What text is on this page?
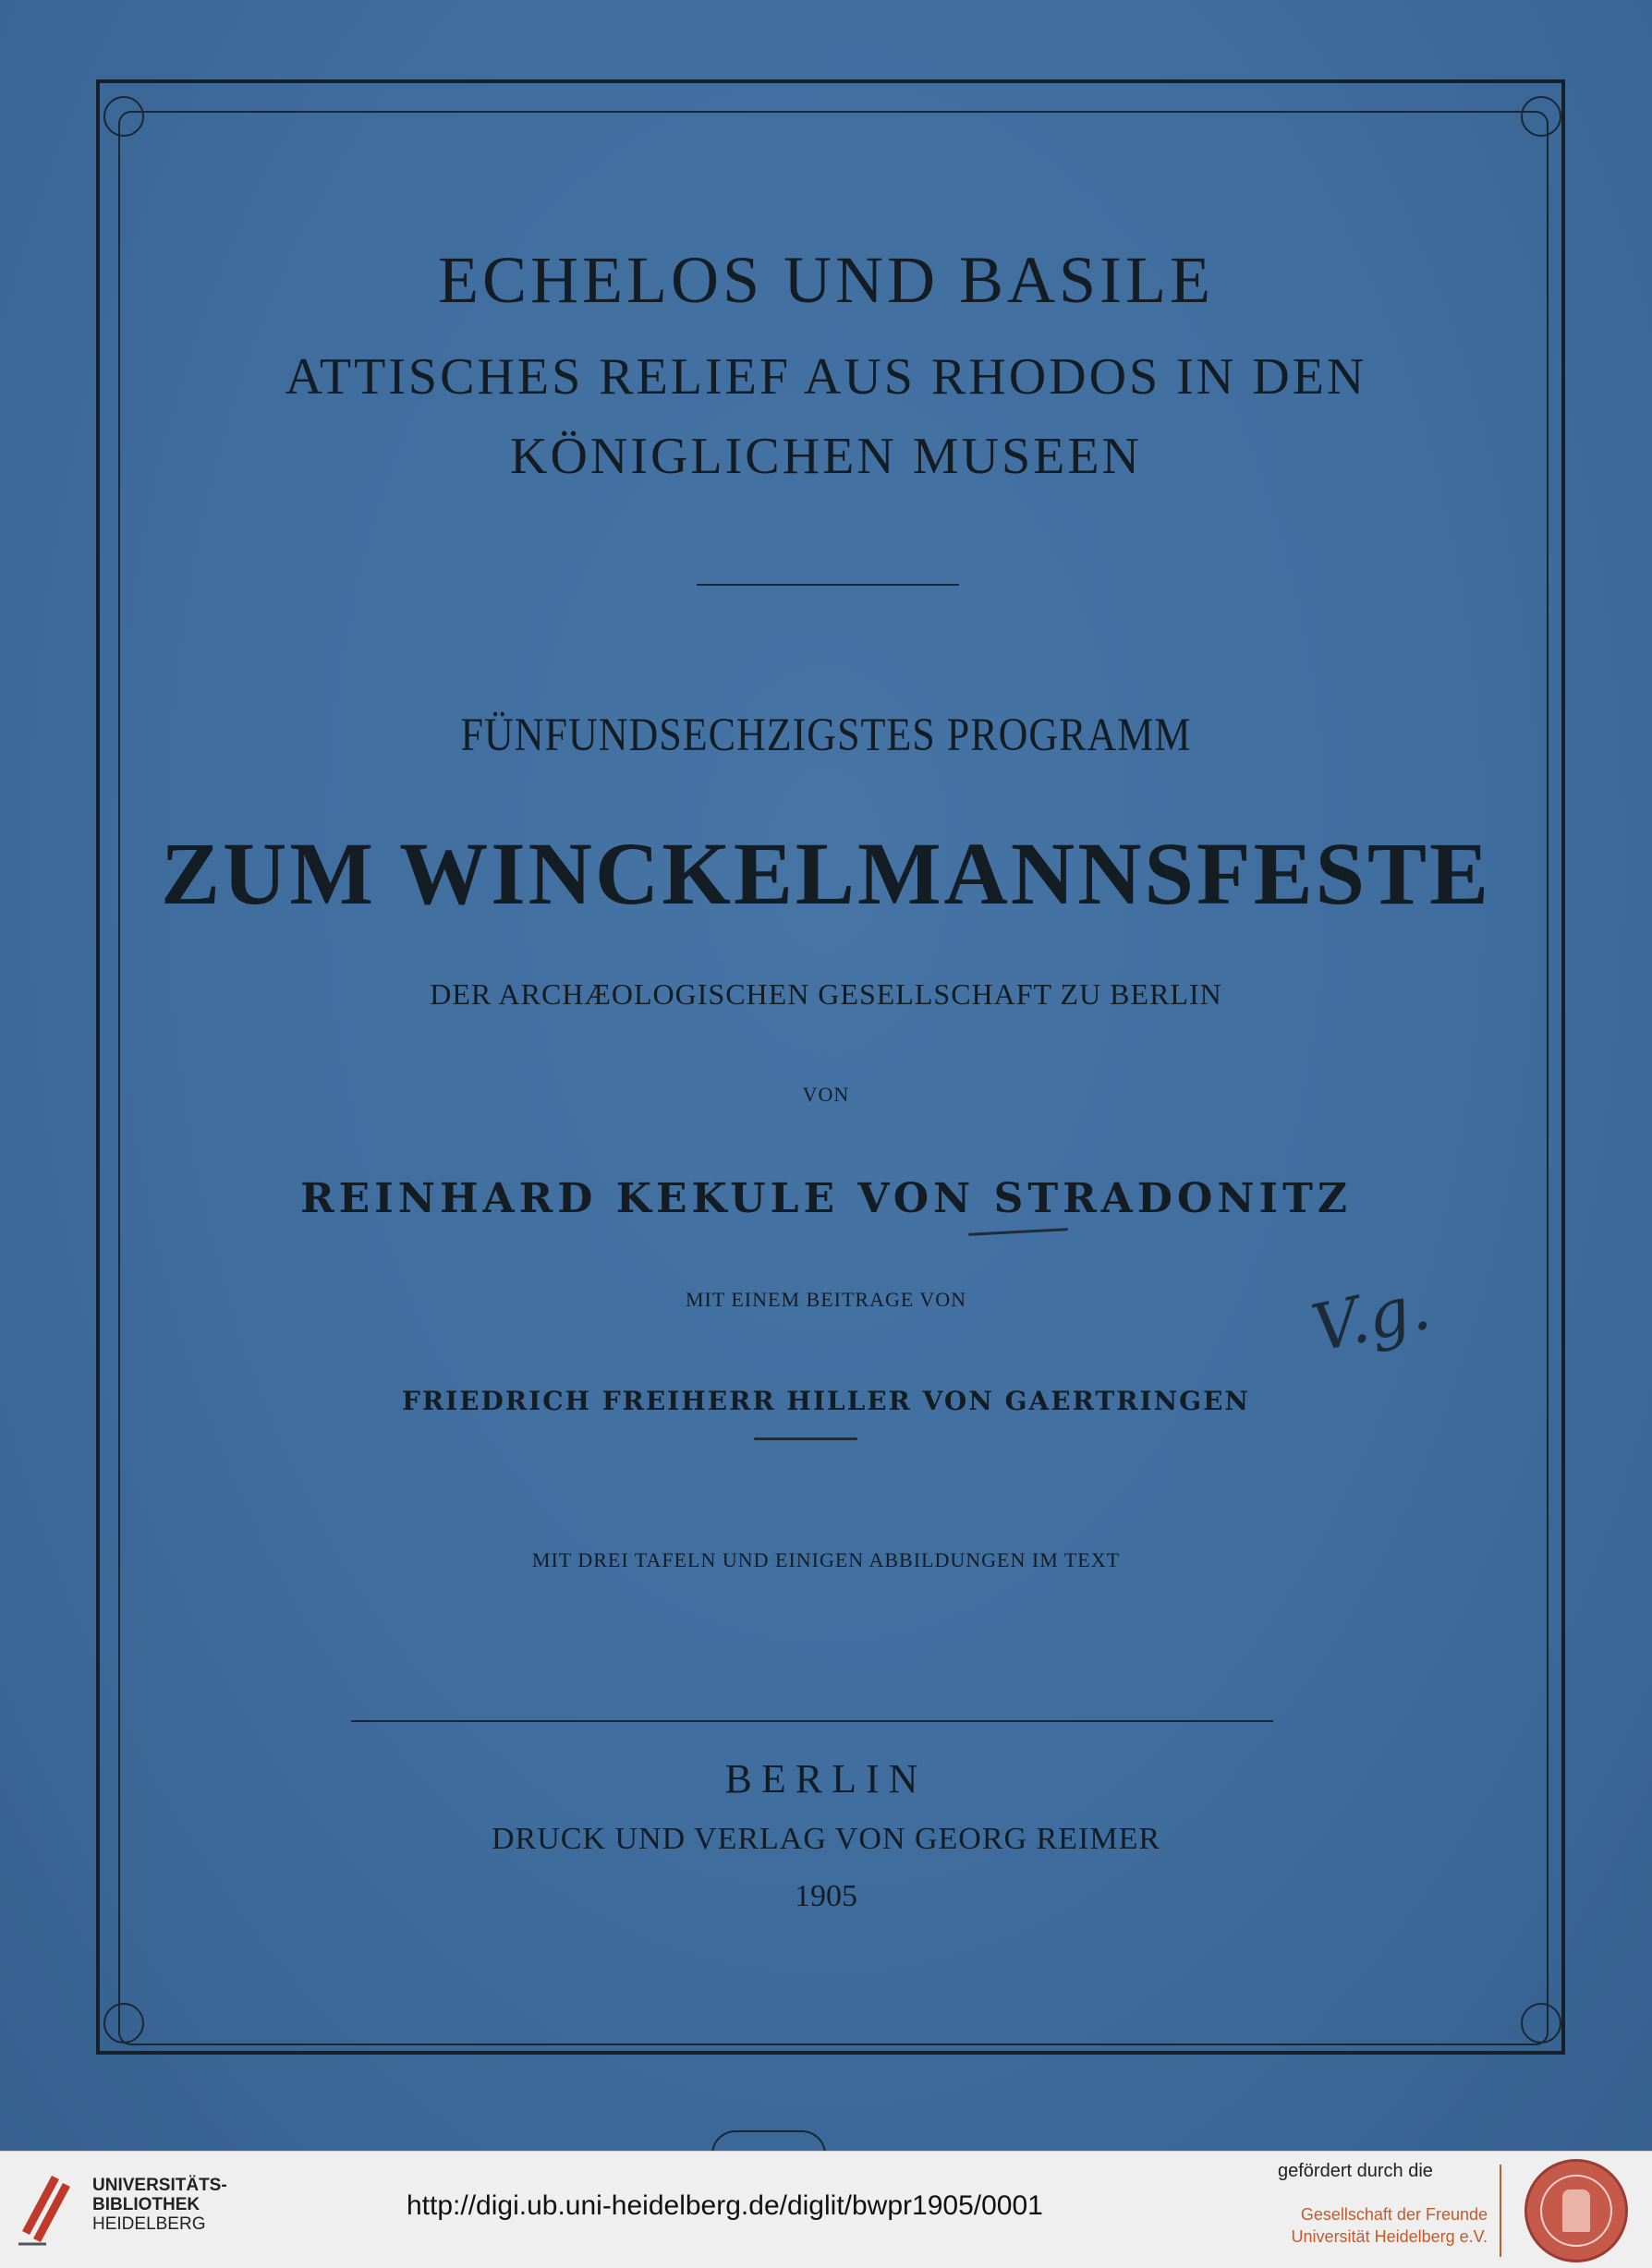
ECHELOS UND BASILE
ATTISCHES RELIEF AUS RHODOS IN DEN
KÖNIGLICHEN MUSEEN
FÜNFUNDSECHZIGSTES PROGRAMM
ZUM WINCKELMANNSFESTE
DER ARCHÆOLOGISCHEN GESELLSCHAFT ZU BERLIN
VON
REINHARD KEKULE VON STRADONITZ
MIT EINEM BEITRAGE VON	V.g.
FRIEDRICH FREIHERR HILLER VON GAERTRINGEN
MIT DREI TAFELN UND EINIGEN ABBILDUNGEN IM TEXT
BERLIN
DRUCK UND VERLAG VON GEORG REIMER
1905
UNIVERSITÄTS-
BIBLIOTHEK
HEIDELBERG
http://digi.ub.uni-heidelberg.de/diglit/bwpr1905/0001
gefördert durch die
Gesellschaft der Freunde
Universität Heidelberg e.V.
